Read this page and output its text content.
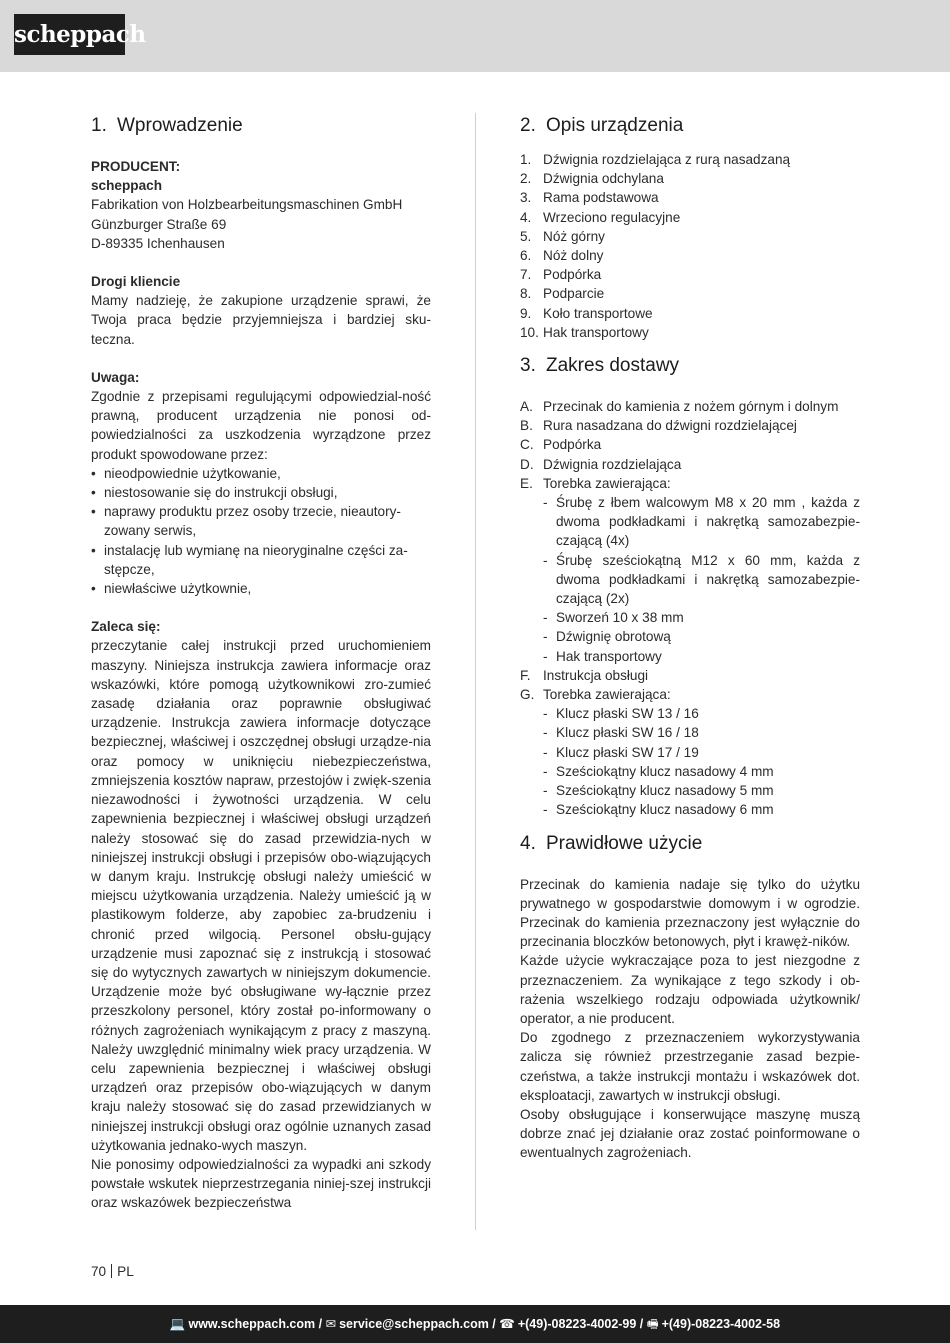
scheppach
1. Wprowadzenie
PRODUCENT:
scheppach
Fabrikation von Holzbearbeitungsmaschinen GmbH
Günzburger Straße 69
D-89335 Ichenhausen
Drogi kliencie

Mamy nadzieję, że zakupione urządzenie sprawi, że Twoja praca będzie przyjemniejsza i bardziej sku-teczna.

Uwaga:

Zgodnie z przepisami regulującymi odpowiedzial-ność prawną, producent urządzenia nie ponosi od-powiedzialności za uszkodzenia wyrządzone przez produkt spowodowane przez:

• nieodpowiednie użytkowanie,
• niestosowanie się do instrukcji obsługi,
• naprawy produktu przez osoby trzecie, nieautory-zowany serwis,
• instalację lub wymianę na nieoryginalne części za-stępcze,
• niewłaściwe użytkownie,
Zaleca się:

przeczytanie całej instrukcji przed uruchomieniem maszyny. Niniejsza instrukcja zawiera informacje oraz wskazówki, które pomogą użytkownikowi zro-zumieć zasadę działania oraz poprawnie obsługiwać urządzenie. Instrukcja zawiera informacje dotyczące bezpiecznej, właściwej i oszczędnej obsługi urządze-nia oraz pomocy w uniknięciu niebezpieczeństwa, zmniejszenia kosztów napraw, przestojów i zwięk-szenia niezawodności i żywotności urządzenia. W celu zapewnienia bezpiecznej i właściwej obsługi urządzeń należy stosować się do zasad przewidzia-nych w niniejszej instrukcji obsługi i przepisów obo-wiązujących w danym kraju. Instrukcję obsługi należy umieścić w miejscu użytkowania urządzenia. Należy umieścić ją w plastikowym folderze, aby zapobiec za-brudzeniu i chronić przed wilgocią. Personel obsłu-gujący urządzenie musi zapoznać się z instrukcją i stosować się do wytycznych zawartych w niniejszym dokumencie. Urządzenie może być obsługiwane wy-łącznie przez przeszkolony personel, który został po-informowany o różnych zagrożeniach wynikającym z pracy z maszyną. Należy uwzględnić minimalny wiek pracy urządzenia. W celu zapewnienia bezpiecznej i właściwej obsługi urządzeń oraz przepisów obo-wiązujących w danym kraju należy stosować się do zasad przewidzianych w niniejszej instrukcji obsługi oraz ogólnie uznanych zasad użytkowania jednako-wych maszyn.

Nie ponosimy odpowiedzialności za wypadki ani szkody powstałe wskutek nieprzestrzegania niniej-szej instrukcji oraz wskazówek bezpieczeństwa

2. Opis urządzenia
1. Dźwignia rozdzielająca z rurą nasadzaną
2. Dźwignia odchylana
3. Rama podstawowa
4. Wrzeciono regulacyjne
5. Nóż górny
6. Nóż dolny
7. Podpórka
8. Podparcie
9. Koło transportowe
10. Hak transportowy
3. Zakres dostawy
A. Przecinak do kamienia z nożem górnym i dolnym
B. Rura nasadzana do dźwigni rozdzielającej
C. Podpórka
D. Dźwignia rozdzielająca
E. Torebka zawierająca:
- Śrubę z łbem walcowym M8 x 20 mm , każda z dwoma podkładkami i nakrętką samozabezpie-czającą (4x)
- Śrubę sześciokątną M12 x 60 mm, każda z dwoma podkładkami i nakrętką samozabezpie-czającą (2x)
- Sworzeń 10 x 38 mm
- Dźwignię obrotową
- Hak transportowy
F. Instrukcja obsługi
G. Torebka zawierająca:
- Klucz płaski SW 13 / 16
- Klucz płaski SW 16 / 18
- Klucz płaski SW 17 / 19
- Sześciokątny klucz nasadowy 4 mm
- Sześciokątny klucz nasadowy 5 mm
- Sześciokątny klucz nasadowy 6 mm
4. Prawidłowe użycie

Przecinak do kamienia nadaje się tylko do użytku prywatnego w gospodarstwie domowym i w ogrodzie. Przecinak do kamienia przeznaczony jest wyłącznie do przecinania bloczków betonowych, płyt i krawęż-ników.

Każde użycie wykraczające poza to jest niezgodne z przeznaczeniem. Za wynikające z tego szkody i ob-rażenia wszelkiego rodzaju odpowiada użytkownik/ operator, a nie producent.

Do zgodnego z przeznaczeniem wykorzystywania zalicza się również przestrzeganie zasad bezpie-czeństwa, a także instrukcji montażu i wskazówek dot. eksploatacji, zawartych w instrukcji obsługi.

Osoby obsługujące i konserwujące maszynę muszą dobrze znać jej działanie oraz zostać poinformowane o ewentualnych zagrożeniach.

70 PL
💻 www.scheppach.com / ✉ service@scheppach.com / ☎ +(49)-08223-4002-99 / 🖷 +(49)-08223-4002-58
